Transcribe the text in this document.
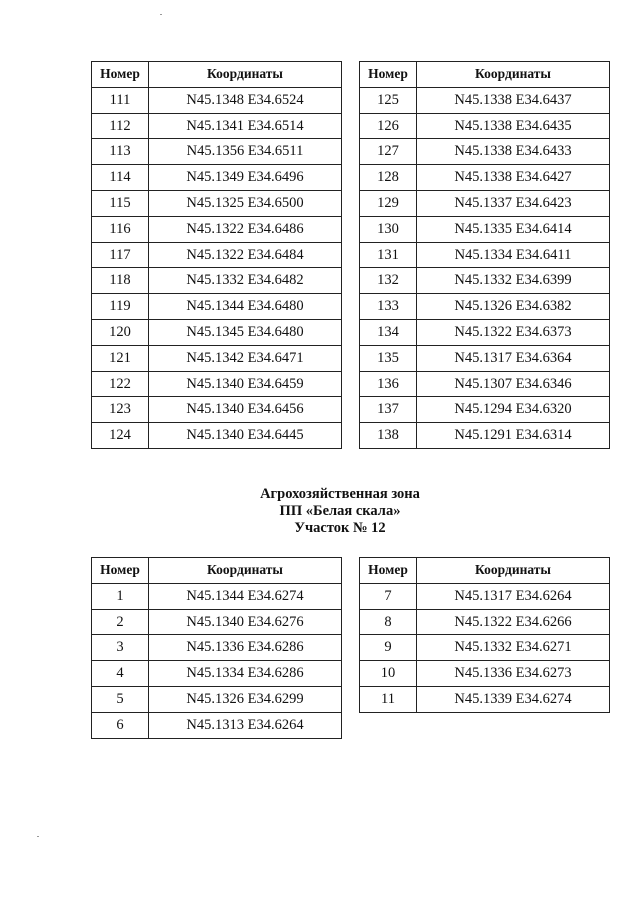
Номер	Координаты
111	N45.1348 E34.6524
112	N45.1341 E34.6514
113	N45.1356 E34.6511
114	N45.1349 E34.6496
115	N45.1325 E34.6500
116	N45.1322 E34.6486
117	N45.1322 E34.6484
118	N45.1332 E34.6482
119	N45.1344 E34.6480
120	N45.1345 E34.6480
121	N45.1342 E34.6471
122	N45.1340 E34.6459
123	N45.1340 E34.6456
124	N45.1340 E34.6445
Номер	Координаты
125	N45.1338 E34.6437
126	N45.1338 E34.6435
127	N45.1338 E34.6433
128	N45.1338 E34.6427
129	N45.1337 E34.6423
130	N45.1335 E34.6414
131	N45.1334 E34.6411
132	N45.1332 E34.6399
133	N45.1326 E34.6382
134	N45.1322 E34.6373
135	N45.1317 E34.6364
136	N45.1307 E34.6346
137	N45.1294 E34.6320
138	N45.1291 E34.6314
Агрохозяйственная зона
ПП «Белая скала»
Участок № 12
Номер	Координаты
1	N45.1344 E34.6274
2	N45.1340 E34.6276
3	N45.1336 E34.6286
4	N45.1334 E34.6286
5	N45.1326 E34.6299
6	N45.1313 E34.6264
Номер	Координаты
7	N45.1317 E34.6264
8	N45.1322 E34.6266
9	N45.1332 E34.6271
10	N45.1336 E34.6273
11	N45.1339 E34.6274
